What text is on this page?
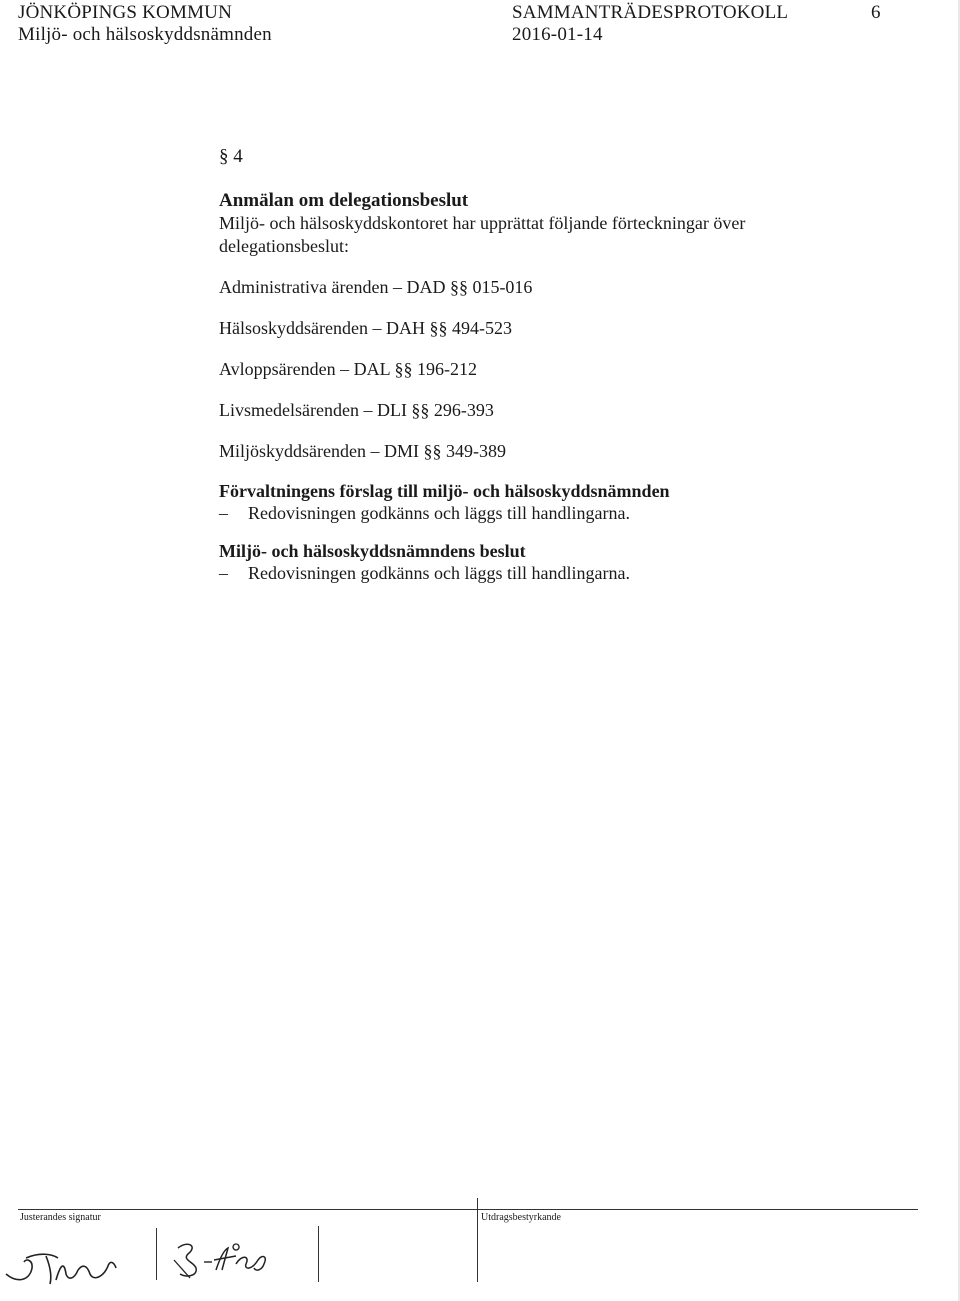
JÖNKÖPINGS KOMMUN
Miljö- och hälsoskyddsnämnden
SAMMANTRÄDESPROTOKOLL
2016-01-14
6
§ 4
Anmälan om delegationsbeslut
Miljö- och hälsoskyddskontoret har upprättat följande förteckningar över
delegationsbeslut:
Administrativa ärenden – DAD §§ 015-016
Hälsoskyddsärenden – DAH §§ 494-523
Avloppsärenden – DAL §§ 196-212
Livsmedelsärenden – DLI §§ 296-393
Miljöskyddsärenden – DMI §§ 349-389
Förvaltningens förslag till miljö- och hälsoskyddsnämnden
–	Redovisningen godkänns och läggs till handlingarna.
Miljö- och hälsoskyddsnämndens beslut
–	Redovisningen godkänns och läggs till handlingarna.
Justerandes signatur	Utdragsbestyrkande
